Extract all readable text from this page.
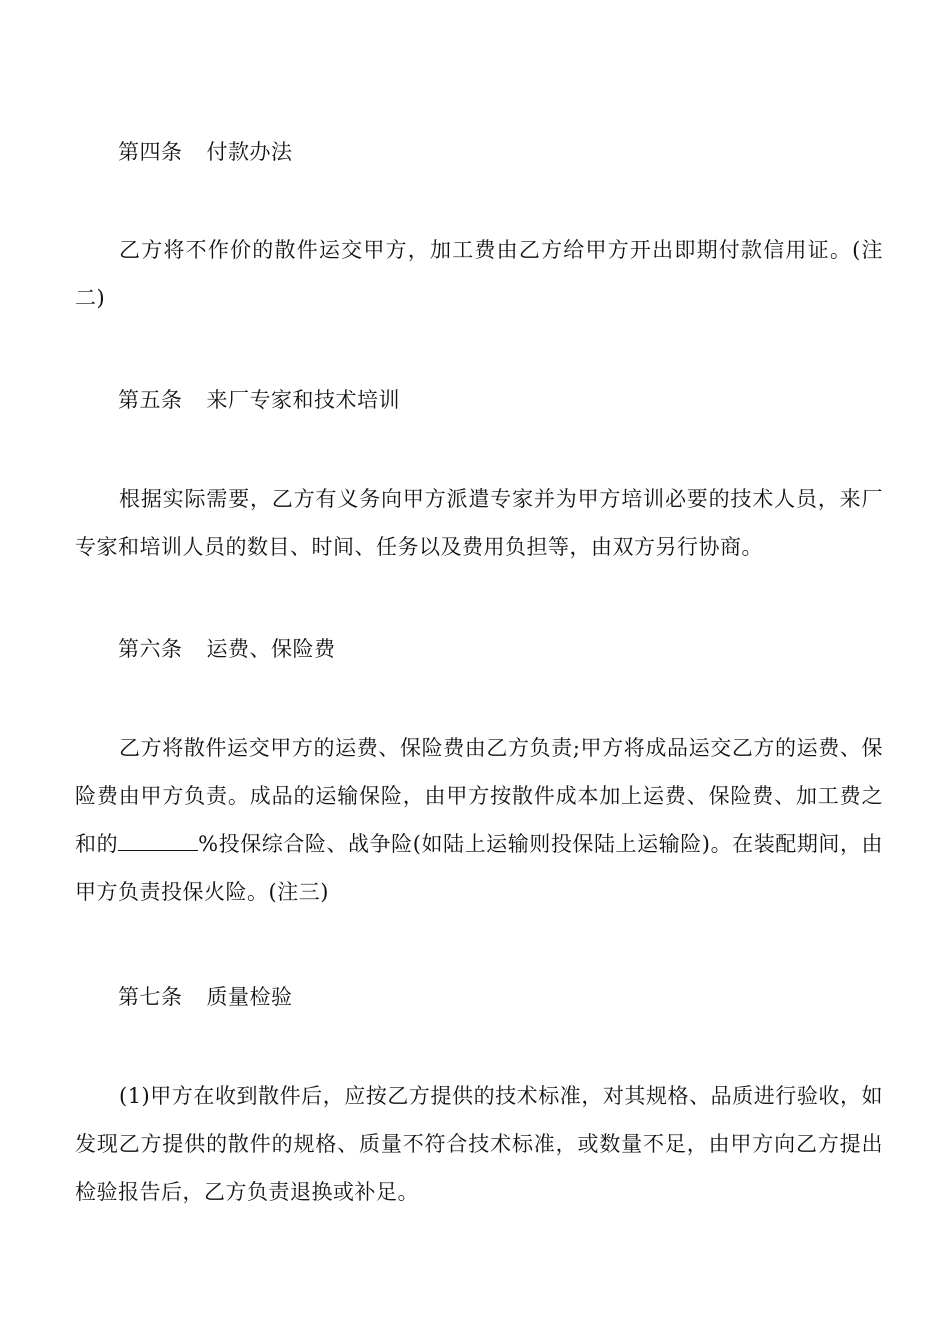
第四条 付款办法
乙方将不作价的散件运交甲方，加工费由乙方给甲方开出即期付款信用证。(注二)
第五条 来厂专家和技术培训
根据实际需要，乙方有义务向甲方派遣专家并为甲方培训必要的技术人员，来厂专家和培训人员的数目、时间、任务以及费用负担等，由双方另行协商。
第六条 运费、保险费
乙方将散件运交甲方的运费、保险费由乙方负责;甲方将成品运交乙方的运费、保险费由甲方负责。成品的运输保险，由甲方按散件成本加上运费、保险费、加工费之和的	%投保综合险、战争险(如陆上运输则投保陆上运输险)。在装配期间，由甲方负责投保火险。(注三)
第七条 质量检验
(1)甲方在收到散件后，应按乙方提供的技术标准，对其规格、品质进行验收，如发现乙方提供的散件的规格、质量不符合技术标准，或数量不足，由甲方向乙方提出检验报告后，乙方负责退换或补足。
